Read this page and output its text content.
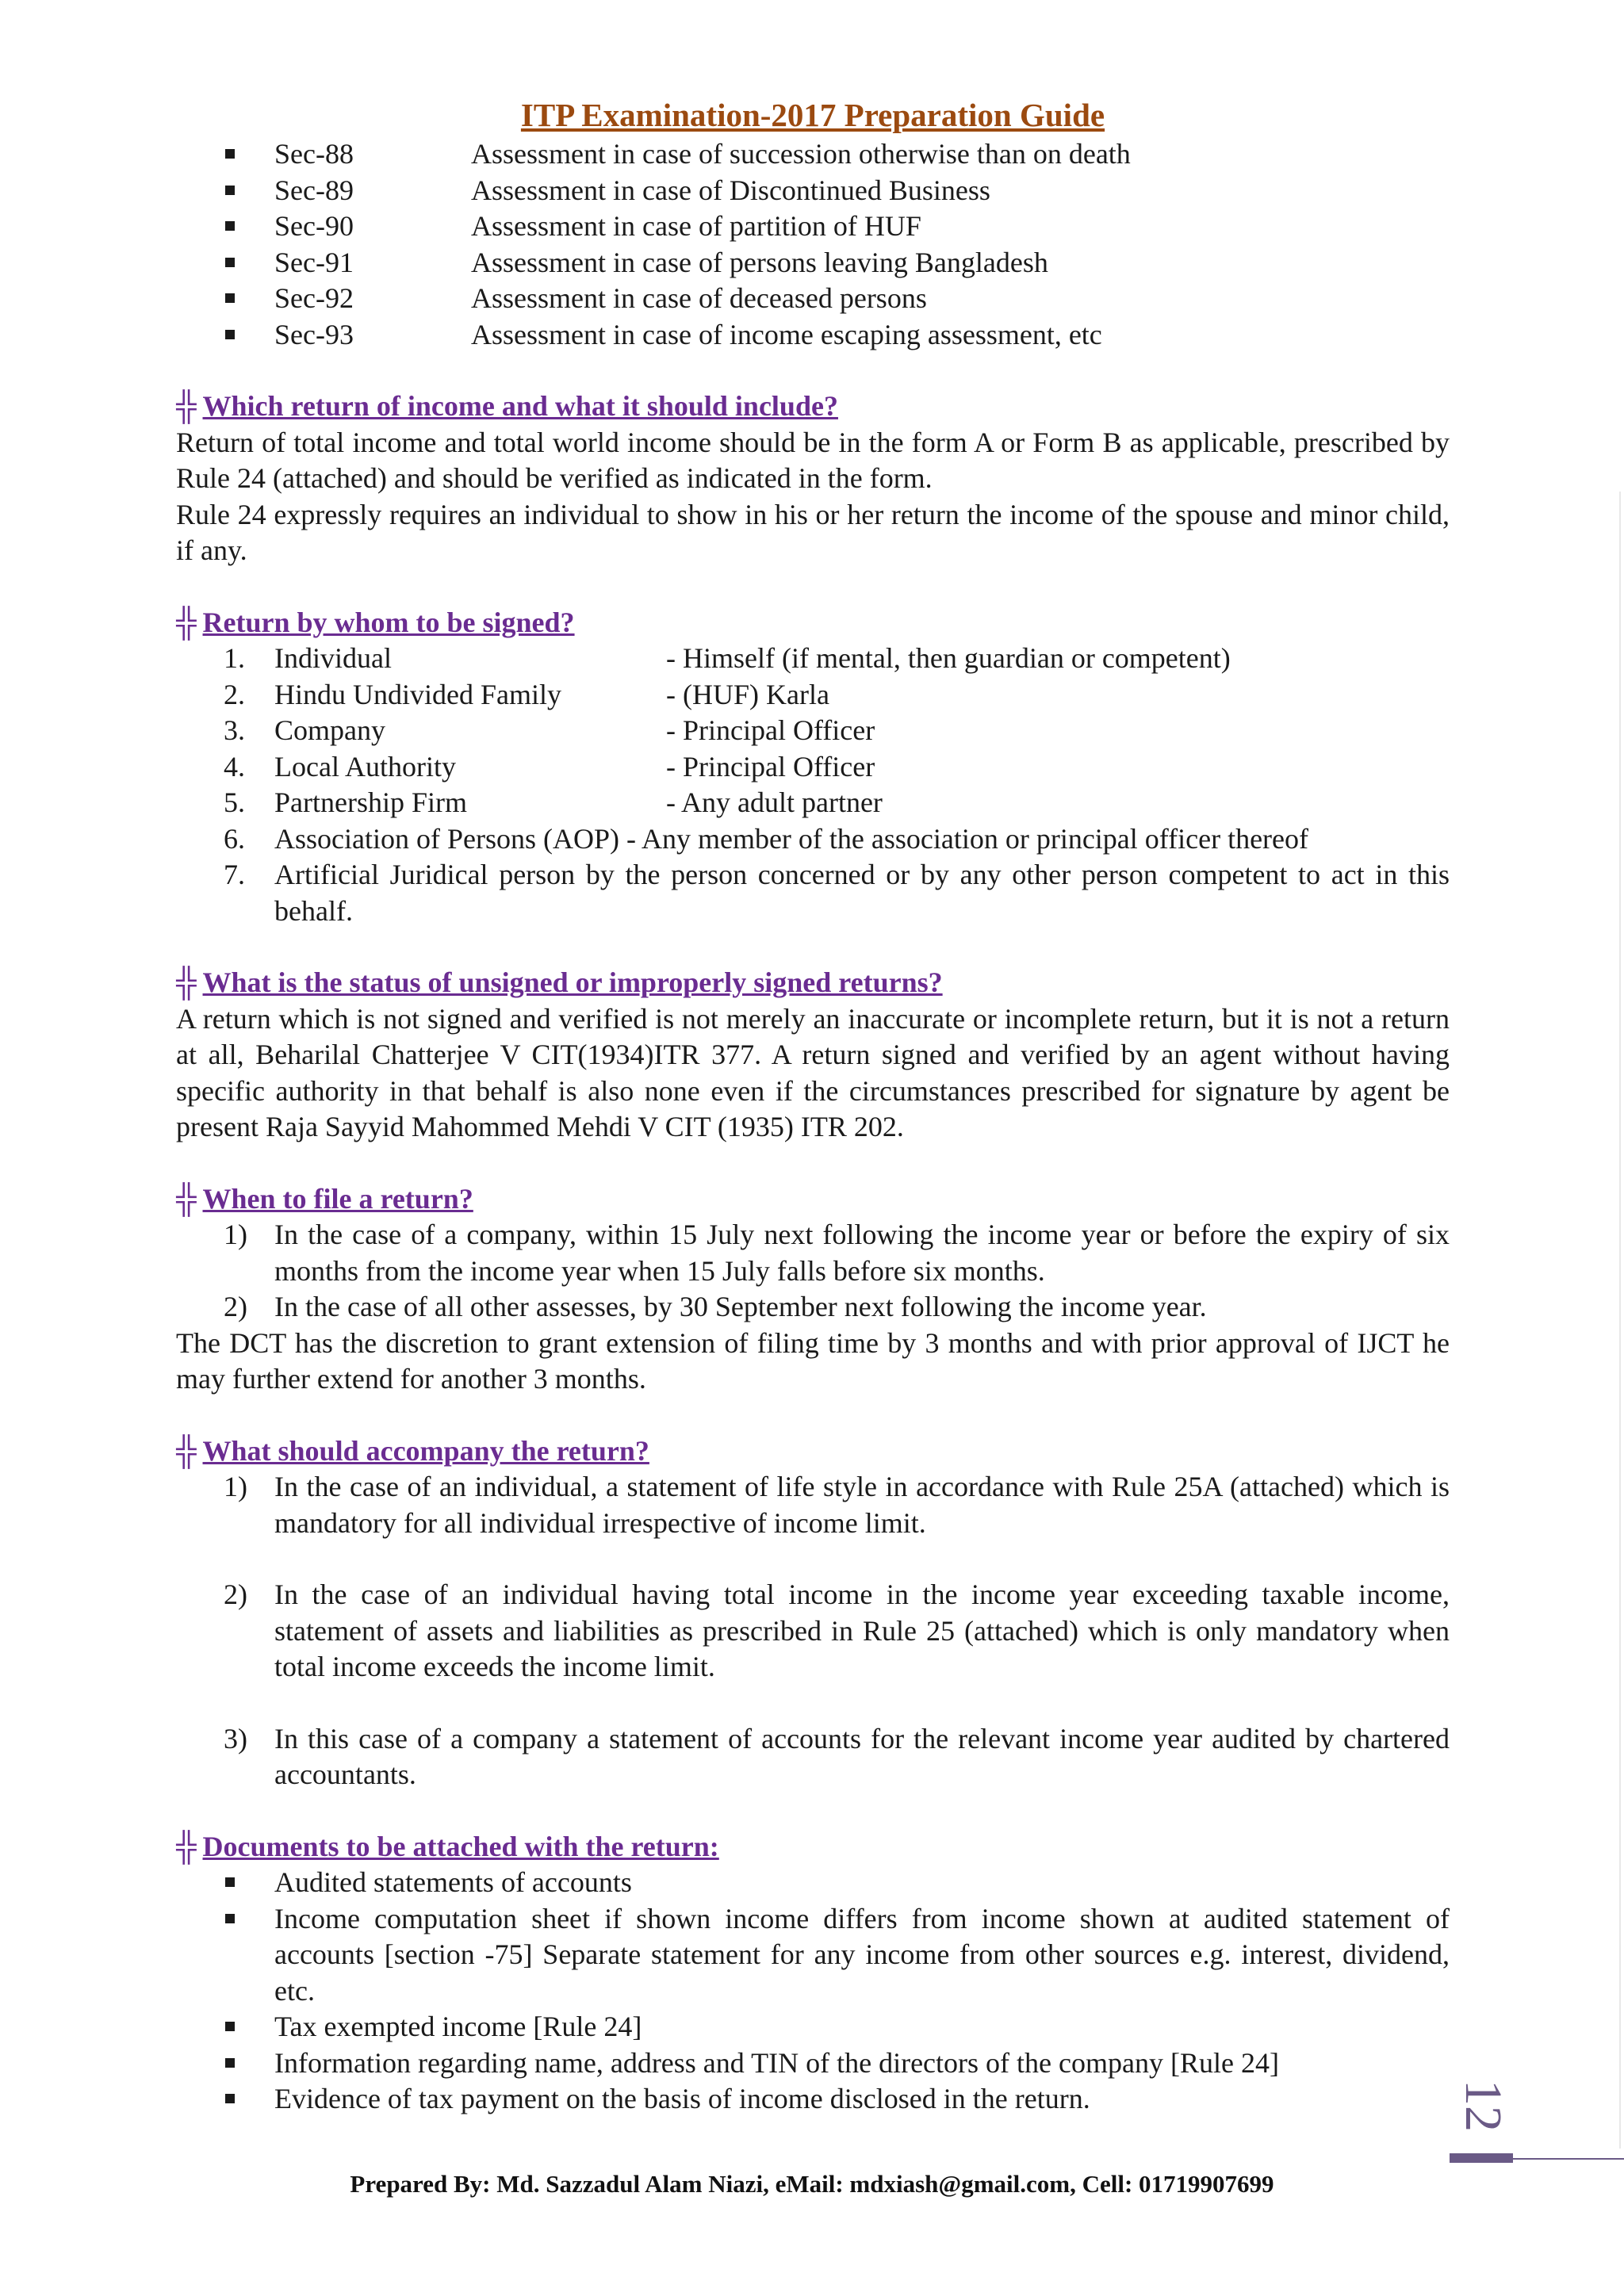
ITP Examination-2017 Preparation Guide
Sec-88	Assessment in case of succession otherwise than on death
Sec-89	Assessment in case of Discontinued Business
Sec-90	Assessment in case of partition of HUF
Sec-91	Assessment in case of persons leaving Bangladesh
Sec-92	Assessment in case of deceased persons
Sec-93	Assessment in case of income escaping assessment, etc
╬ Which return of income and what it should include?

Return of total income and total world income should be in the form A or Form B as applicable, prescribed by Rule 24 (attached) and should be verified as indicated in the form.

Rule 24 expressly requires an individual to show in his or her return the income of the spouse and minor child, if any.

╬ Return by whom to be signed?
1. Individual	- Himself (if mental, then guardian or competent)
2. Hindu Undivided Family	- (HUF) Karla
3. Company	- Principal Officer
4. Local Authority	- Principal Officer
5. Partnership Firm	- Any adult partner
6. Association of Persons (AOP) - Any member of the association or principal officer thereof
7. Artificial Juridical person by the person concerned or by any other person competent to act in this behalf.
╬ What is the status of unsigned or improperly signed returns?

A return which is not signed and verified is not merely an inaccurate or incomplete return, but it is not a return at all, Beharilal Chatterjee V CIT(1934)ITR 377. A return signed and verified by an agent without having specific authority in that behalf is also none even if the circumstances prescribed for signature by agent be present Raja Sayyid Mahommed Mehdi V CIT (1935) ITR 202.

╬ When to file a return?
1) In the case of a company, within 15 July next following the income year or before the expiry of six months from the income year when 15 July falls before six months.
2) In the case of all other assesses, by 30 September next following the income year.

The DCT has the discretion to grant extension of filing time by 3 months and with prior approval of IJCT he may further extend for another 3 months.

╬ What should accompany the return?
1) In the case of an individual, a statement of life style in accordance with Rule 25A (attached) which is mandatory for all individual irrespective of income limit.
2) In the case of an individual having total income in the income year exceeding taxable income, statement of assets and liabilities as prescribed in Rule 25 (attached) which is only mandatory when total income exceeds the income limit.
3) In this case of a company a statement of accounts for the relevant income year audited by chartered accountants.
╬ Documents to be attached with the return:
Audited statements of accounts
Income computation sheet if shown income differs from income shown at audited statement of accounts [section -75] Separate statement for any income from other sources e.g. interest, dividend, etc.
Tax exempted income [Rule 24]
Information regarding name, address and TIN of the directors of the company [Rule 24]
Evidence of tax payment on the basis of income disclosed in the return.	12
Prepared By: Md. Sazzadul Alam Niazi, eMail: mdxiash@gmail.com, Cell: 01719907699
